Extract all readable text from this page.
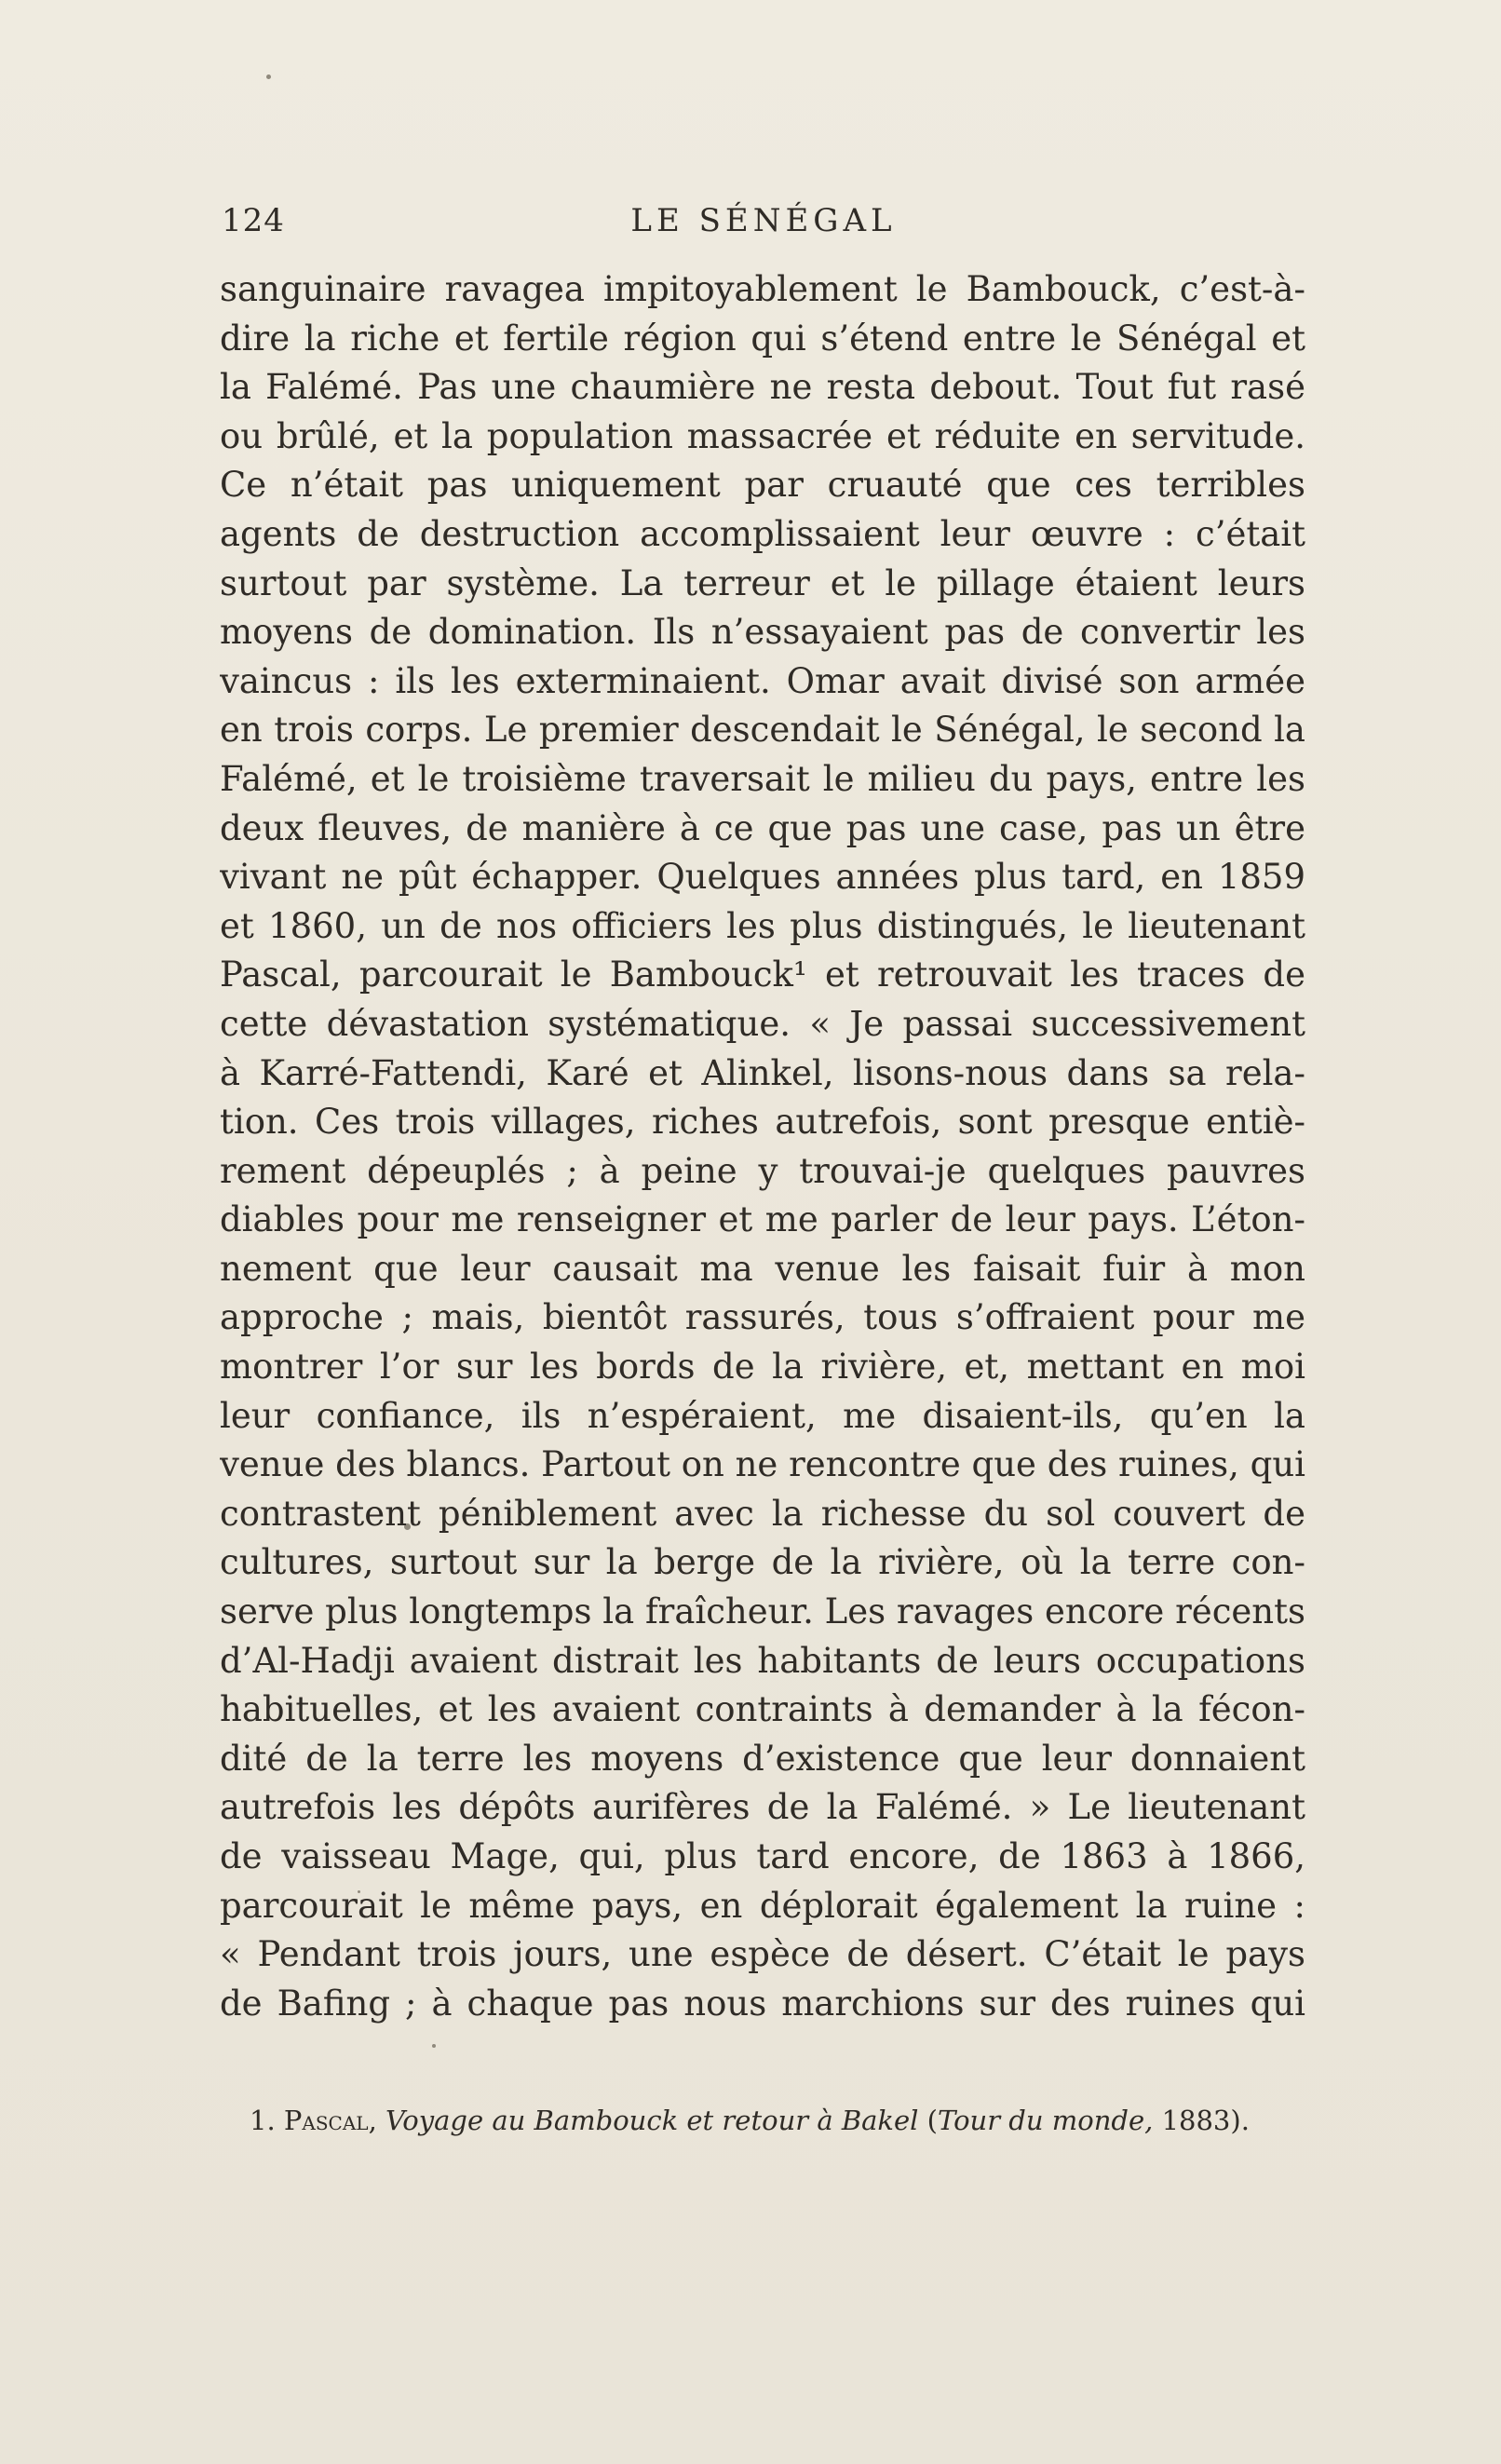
124	LE SÉNÉGAL
sanguinaire ravagea impitoyablement le Bambouck, c’est-à-
dire la riche et fertile région qui s’étend entre le Sénégal et
la Falémé. Pas une chaumière ne resta debout. Tout fut rasé
ou brûlé, et la population massacrée et réduite en servitude.
Ce n’était pas uniquement par cruauté que ces terribles
agents de destruction accomplissaient leur œuvre : c’était
surtout par système. La terreur et le pillage étaient leurs
moyens de domination. Ils n’essayaient pas de convertir les
vaincus : ils les exterminaient. Omar avait divisé son armée
en trois corps. Le premier descendait le Sénégal, le second la
Falémé, et le troisième traversait le milieu du pays, entre les
deux fleuves, de manière à ce que pas une case, pas un être
vivant ne pût échapper. Quelques années plus tard, en 1859
et 1860, un de nos officiers les plus distingués, le lieutenant
Pascal, parcourait le Bambouck¹ et retrouvait les traces de
cette dévastation systématique. « Je passai successivement
à Karré-Fattendi, Karé et Alinkel, lisons-nous dans sa rela-
tion. Ces trois villages, riches autrefois, sont presque entiè-
rement dépeuplés ; à peine y trouvai-je quelques pauvres
diables pour me renseigner et me parler de leur pays. L’éton-
nement que leur causait ma venue les faisait fuir à mon
approche ; mais, bientôt rassurés, tous s’offraient pour me
montrer l’or sur les bords de la rivière, et, mettant en moi
leur confiance, ils n’espéraient, me disaient-ils, qu’en la
venue des blancs. Partout on ne rencontre que des ruines, qui
contrastent péniblement avec la richesse du sol couvert de
cultures, surtout sur la berge de la rivière, où la terre con-
serve plus longtemps la fraîcheur. Les ravages encore récents
d’Al-Hadji avaient distrait les habitants de leurs occupations
habituelles, et les avaient contraints à demander à la fécon-
dité de la terre les moyens d’existence que leur donnaient
autrefois les dépôts aurifères de la Falémé. » Le lieutenant
de vaisseau Mage, qui, plus tard encore, de 1863 à 1866,
parcourait le même pays, en déplorait également la ruine :
« Pendant trois jours, une espèce de désert. C’était le pays
de Bafing ; à chaque pas nous marchions sur des ruines qui
1. Pascal, Voyage au Bambouck et retour à Bakel (Tour du monde, 1883).
